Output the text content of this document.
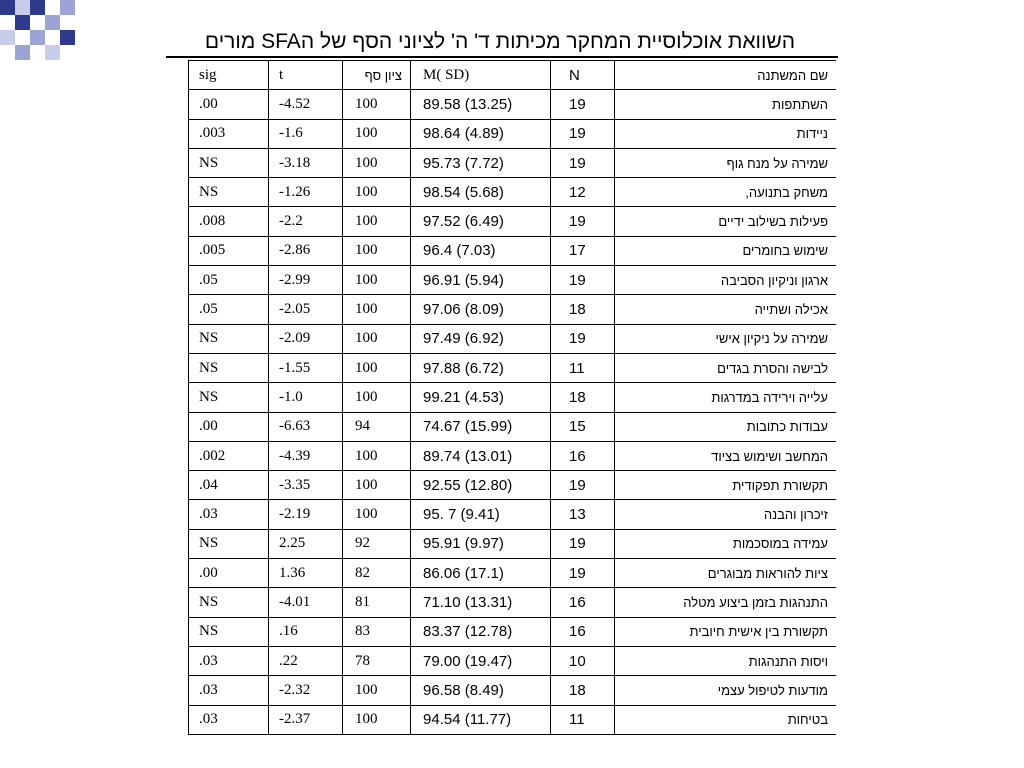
השוואת אוכלוסיית המחקר מכיתות ד' ה' לציוני הסף של הSFA מורים
sig	t	ציון סף	M( SD)	N	שם המשתנה
.00	-4.52	100	89.58 (13.25)	19	השתתפות
.003	-1.6	100	98.64 (4.89)	19	ניידות
NS	-3.18	100	95.73 (7.72)	19	שמירה על מנח גוף
NS	-1.26	100	98.54 (5.68)	12	משחק בתנועה,
.008	-2.2	100	97.52 (6.49)	19	פעילות בשילוב ידיים
.005	-2.86	100	96.4 (7.03)	17	שימוש בחומרים
.05	-2.99	100	96.91 (5.94)	19	ארגון וניקיון הסביבה
.05	-2.05	100	97.06 (8.09)	18	אכילה ושתייה
NS	-2.09	100	97.49 (6.92)	19	שמירה על ניקיון אישי
NS	-1.55	100	97.88 (6.72)	11	לבישה והסרת בגדים
NS	-1.0	100	99.21 (4.53)	18	עלייה וירידה במדרגות
.00	-6.63	94	74.67 (15.99)	15	עבודות כתובות
.002	-4.39	100	89.74 (13.01)	16	המחשב ושימוש בציוד
.04	-3.35	100	92.55 (12.80)	19	תקשורת תפקודית
.03	-2.19	100	95. 7 (9.41)	13	זיכרון והבנה
NS	2.25	92	95.91 (9.97)	19	עמידה במוסכמות
.00	1.36	82	86.06 (17.1)	19	ציות להוראות מבוגרים
NS	-4.01	81	71.10 (13.31)	16	התנהגות בזמן ביצוע מטלה
NS	.16	83	83.37 (12.78)	16	תקשורת בין אישית חיובית
.03	.22	78	79.00 (19.47)	10	ויסות התנהגות
.03	-2.32	100	96.58 (8.49)	18	מודעות לטיפול עצמי
.03	-2.37	100	94.54 (11.77)	11	בטיחות
